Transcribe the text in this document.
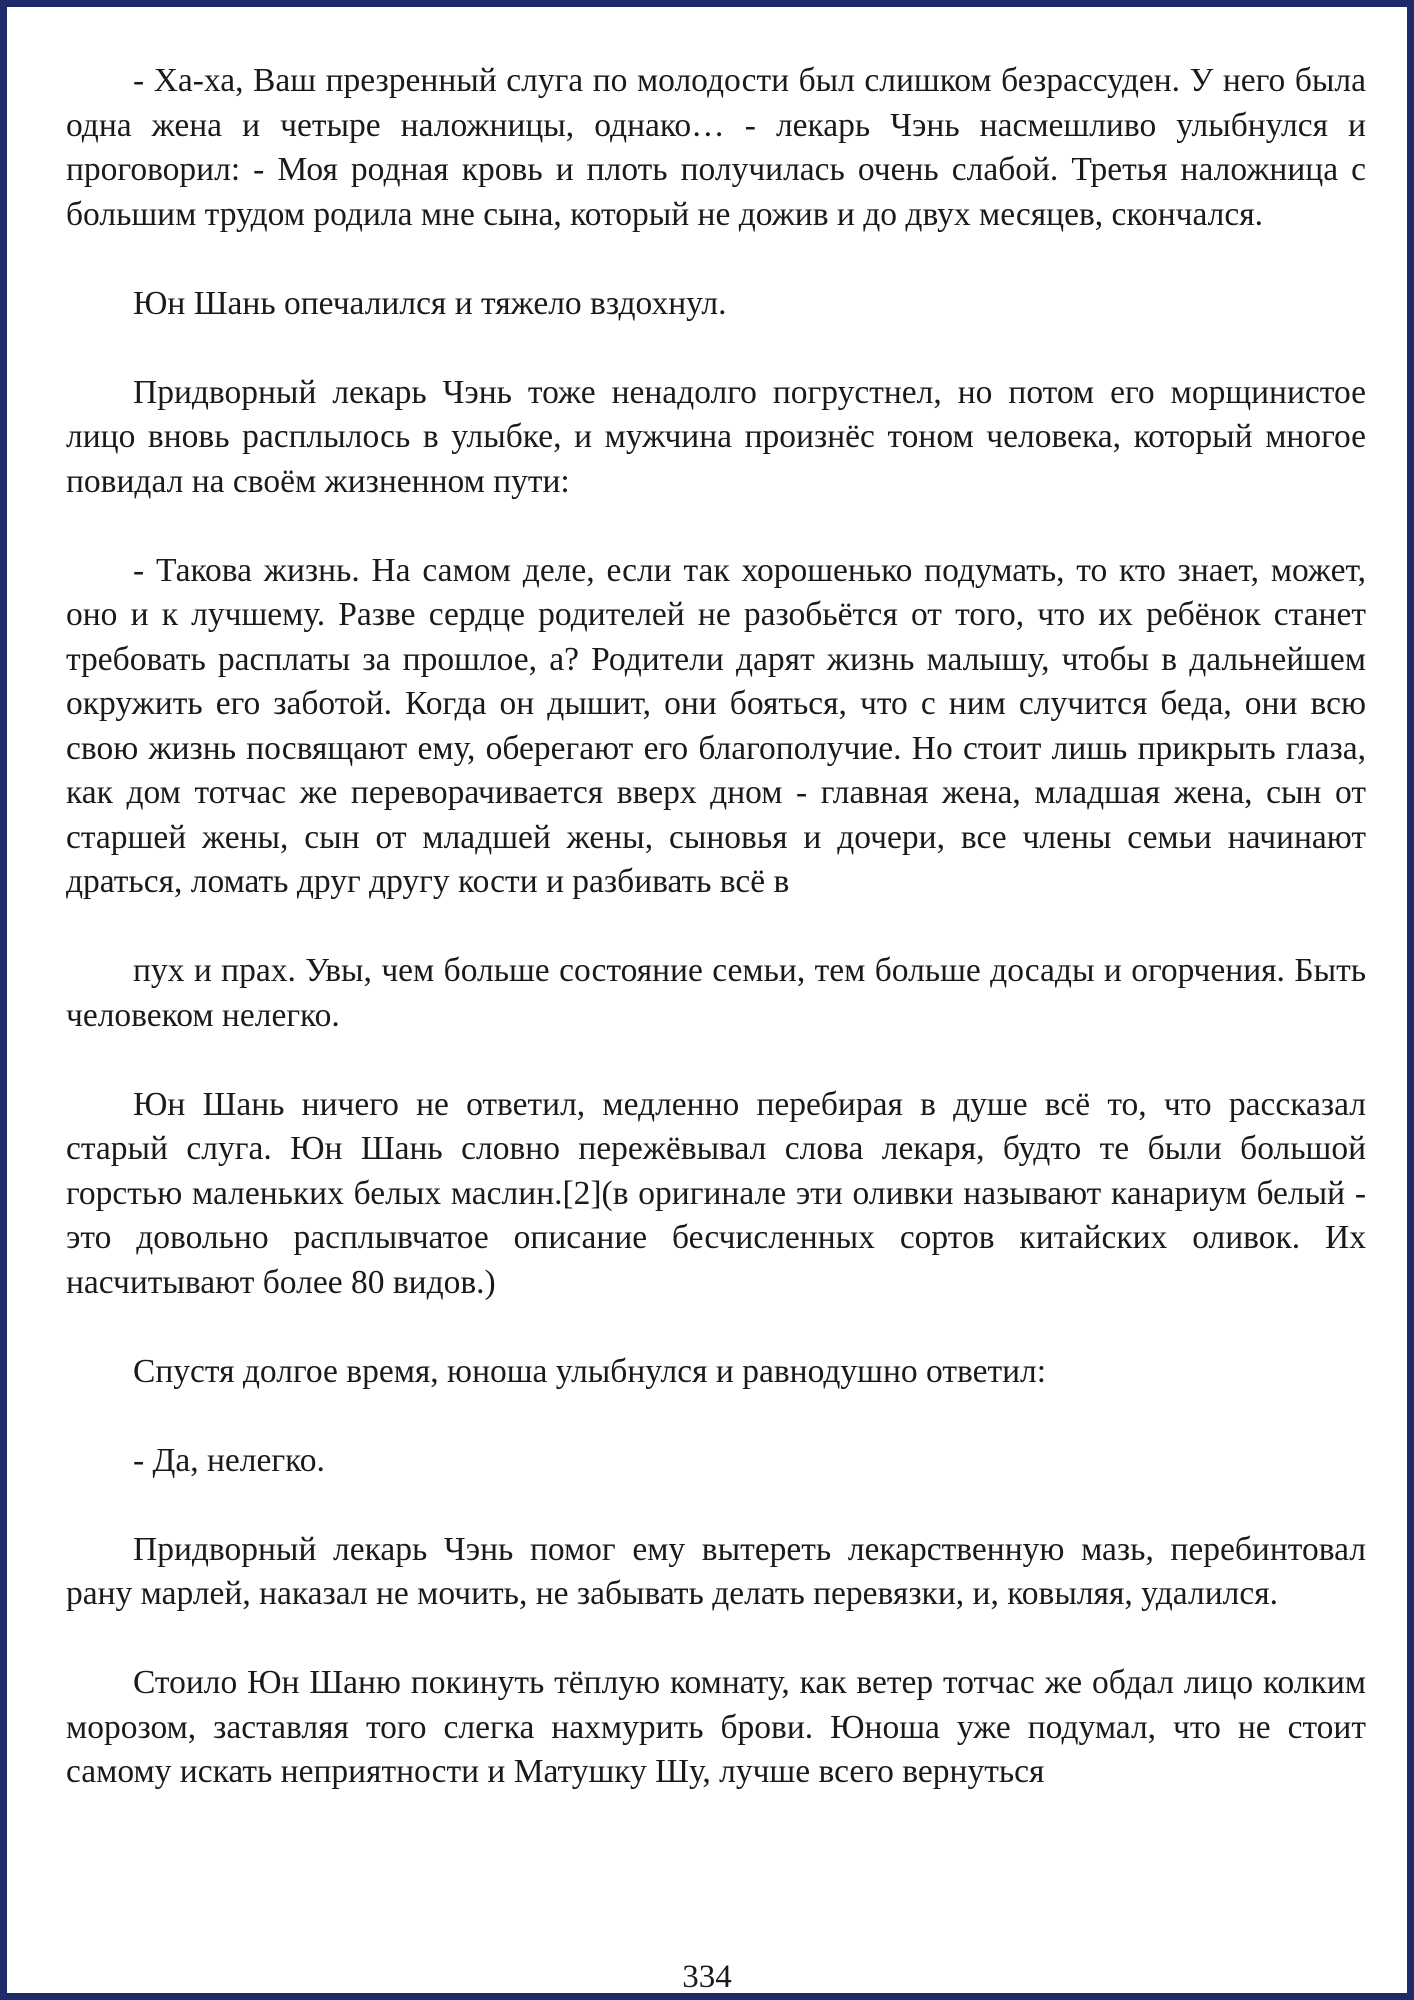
- Ха-ха, Ваш презренный слуга по молодости был слишком безрассуден. У него была одна жена и четыре наложницы, однако… - лекарь Чэнь насмешливо улыбнулся и проговорил: - Моя родная кровь и плоть получилась очень слабой. Третья наложница с большим трудом родила мне сына, который не дожив и до двух месяцев, скончался.

Юн Шань опечалился и тяжело вздохнул.

Придворный лекарь Чэнь тоже ненадолго погрустнел, но потом его морщинистое лицо вновь расплылось в улыбке, и мужчина произнёс тоном человека, который многое повидал на своём жизненном пути:

- Такова жизнь. На самом деле, если так хорошенько подумать, то кто знает, может, оно и к лучшему. Разве сердце родителей не разобьётся от того, что их ребёнок станет требовать расплаты за прошлое, а? Родители дарят жизнь малышу, чтобы в дальнейшем окружить его заботой. Когда он дышит, они бояться, что с ним случится беда, они всю свою жизнь посвящают ему, оберегают его благополучие. Но стоит лишь прикрыть глаза, как дом тотчас же переворачивается вверх дном - главная жена, младшая жена, сын от старшей жены, сын от младшей жены, сыновья и дочери, все члены семьи начинают драться, ломать друг другу кости и разбивать всё в

пух и прах. Увы, чем больше состояние семьи, тем больше досады и огорчения. Быть человеком нелегко.

Юн Шань ничего не ответил, медленно перебирая в душе всё то, что рассказал старый слуга. Юн Шань словно пережёвывал слова лекаря, будто те были большой горстью маленьких белых маслин.[2](в оригинале эти оливки называют канариум белый - это довольно расплывчатое описание бесчисленных сортов китайских оливок. Их насчитывают более 80 видов.)

Спустя долгое время, юноша улыбнулся и равнодушно ответил:

- Да, нелегко.

Придворный лекарь Чэнь помог ему вытереть лекарственную мазь, перебинтовал рану марлей, наказал не мочить, не забывать делать перевязки, и, ковыляя, удалился.

Стоило Юн Шаню покинуть тёплую комнату, как ветер тотчас же обдал лицо колким морозом, заставляя того слегка нахмурить брови. Юноша уже подумал, что не стоит самому искать неприятности и Матушку Шу, лучше всего вернуться

334
